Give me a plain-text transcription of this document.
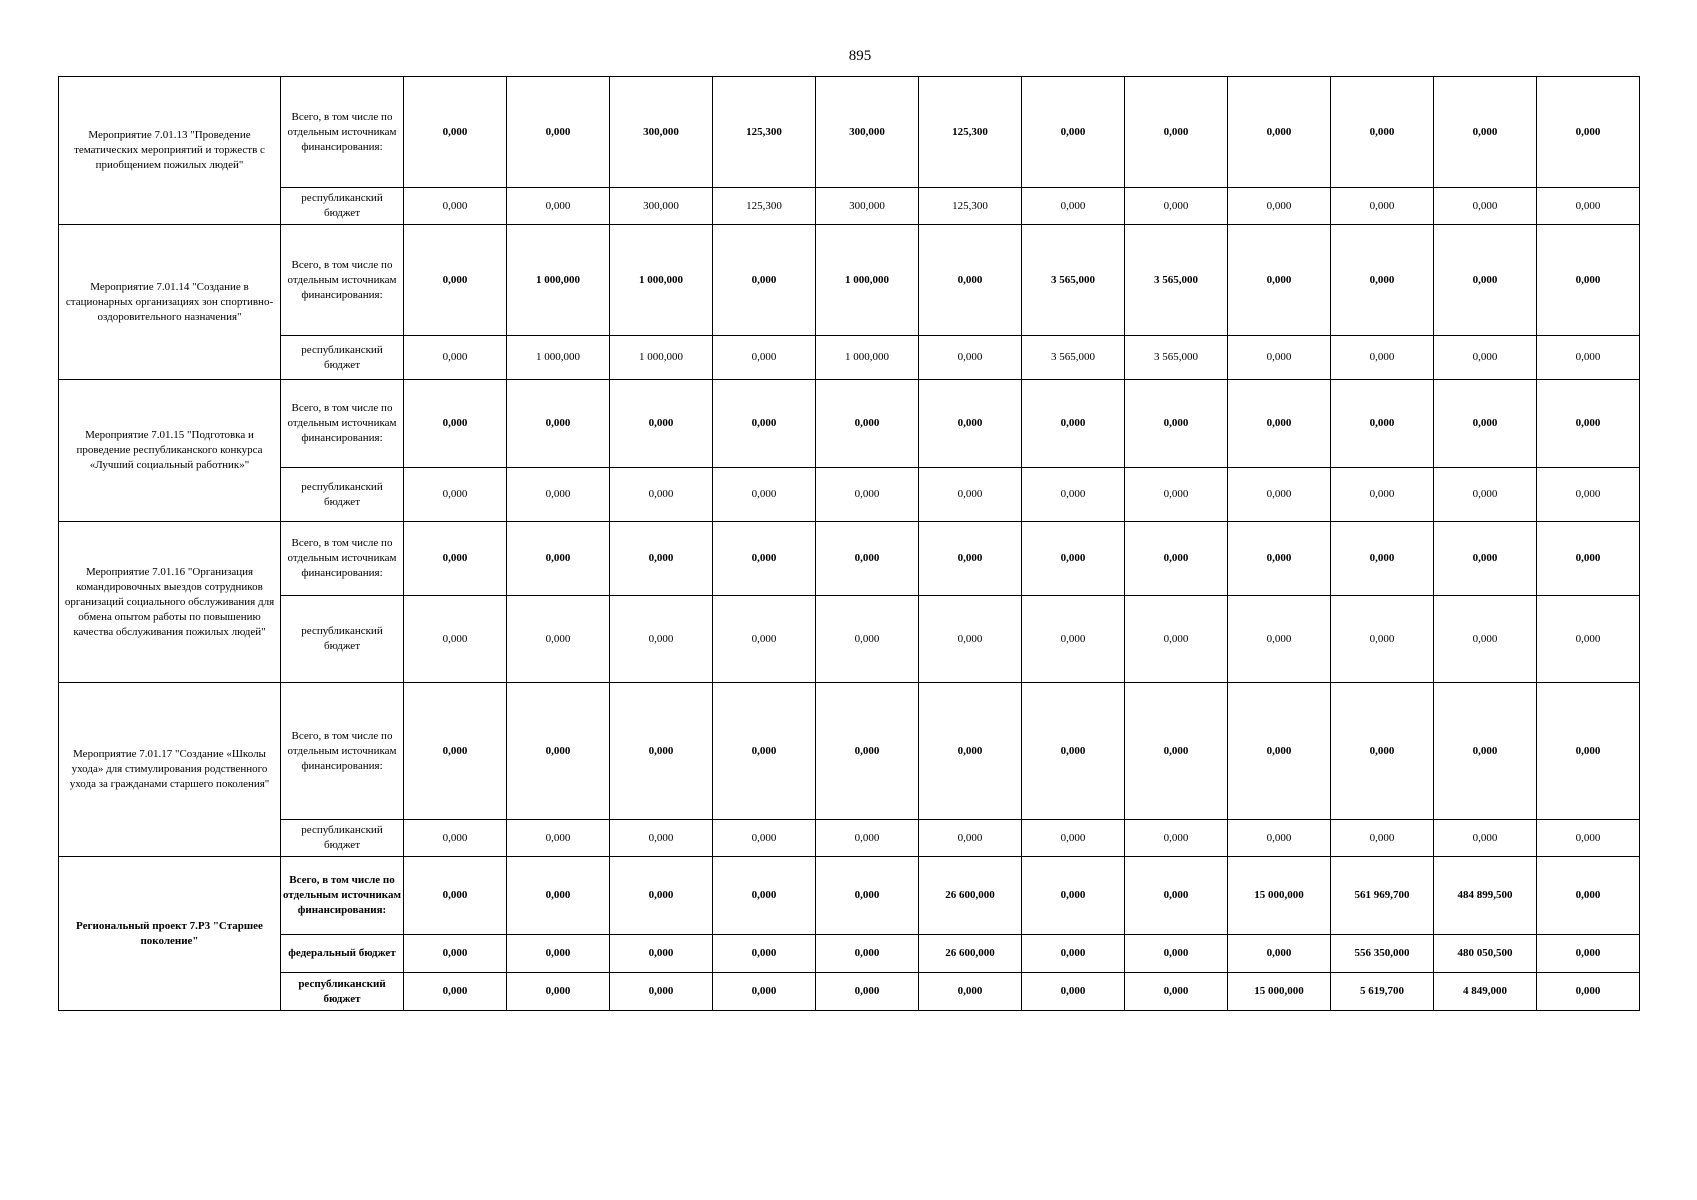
895
Мероприятие 7.01.13 "Проведение тематических мероприятий и торжеств с приобщением пожилых людей"	Всего, в том числе по отдельным источникам финансирования:	0,000	0,000	300,000	125,300	300,000	125,300	0,000	0,000	0,000	0,000	0,000	0,000
	республиканский бюджет	0,000	0,000	300,000	125,300	300,000	125,300	0,000	0,000	0,000	0,000	0,000	0,000
Мероприятие 7.01.14 "Создание в стационарных организациях зон спортивно-оздоровительного назначения"	Всего, в том числе по отдельным источникам финансирования:	0,000	1 000,000	1 000,000	0,000	1 000,000	0,000	3 565,000	3 565,000	0,000	0,000	0,000	0,000
	республиканский бюджет	0,000	1 000,000	1 000,000	0,000	1 000,000	0,000	3 565,000	3 565,000	0,000	0,000	0,000	0,000
Мероприятие 7.01.15 "Подготовка и проведение республиканского конкурса «Лучший социальный работник»"	Всего, в том числе по отдельным источникам финансирования:	0,000	0,000	0,000	0,000	0,000	0,000	0,000	0,000	0,000	0,000	0,000	0,000
	республиканский бюджет	0,000	0,000	0,000	0,000	0,000	0,000	0,000	0,000	0,000	0,000	0,000	0,000
Мероприятие 7.01.16 "Организация командировочных выездов сотрудников организаций социального обслуживания для обмена опытом работы по повышению качества обслуживания пожилых людей"	Всего, в том числе по отдельным источникам финансирования:	0,000	0,000	0,000	0,000	0,000	0,000	0,000	0,000	0,000	0,000	0,000	0,000
	республиканский бюджет	0,000	0,000	0,000	0,000	0,000	0,000	0,000	0,000	0,000	0,000	0,000	0,000
Мероприятие 7.01.17 "Создание «Школы ухода» для стимулирования родственного ухода за гражданами старшего поколения"	Всего, в том числе по отдельным источникам финансирования:	0,000	0,000	0,000	0,000	0,000	0,000	0,000	0,000	0,000	0,000	0,000	0,000
	республиканский бюджет	0,000	0,000	0,000	0,000	0,000	0,000	0,000	0,000	0,000	0,000	0,000	0,000
Региональный проект 7.P3 "Старшее поколение"	Всего, в том числе по отдельным источникам финансирования:	0,000	0,000	0,000	0,000	0,000	26 600,000	0,000	0,000	15 000,000	561 969,700	484 899,500	0,000
	федеральный бюджет	0,000	0,000	0,000	0,000	0,000	26 600,000	0,000	0,000	0,000	556 350,000	480 050,500	0,000
	республиканский бюджет	0,000	0,000	0,000	0,000	0,000	0,000	0,000	0,000	15 000,000	5 619,700	4 849,000	0,000
